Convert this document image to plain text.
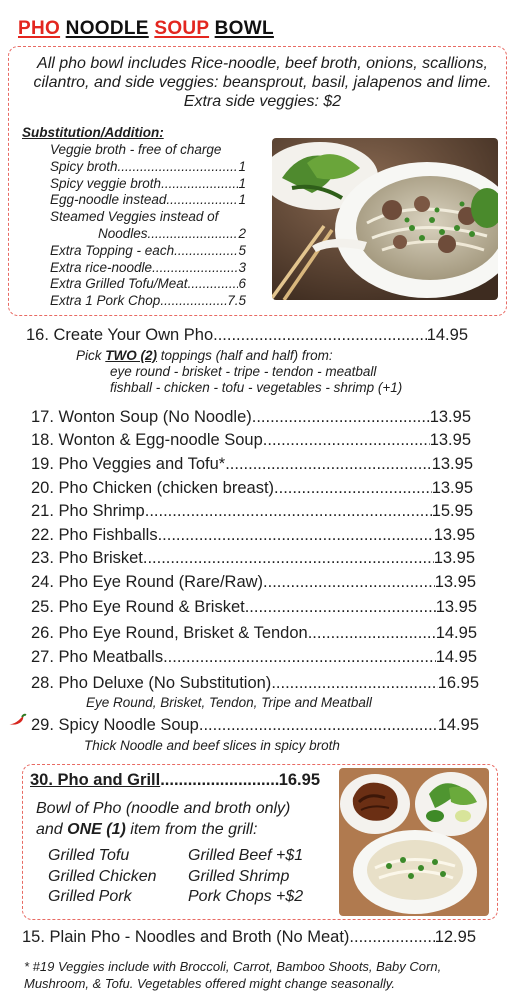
PHO NOODLE SOUP BOWL
All pho bowl includes Rice-noodle, beef broth, onions, scallions, cilantro, and side veggies: beansprout, basil, jalapenos and lime. Extra side veggies: $2
Substitution/Addition:
Veggie broth - free of charge
Spicy broth .....	1
Spicy veggie broth .....	1
Egg-noodle instead .....	1
Steamed Veggies instead of
Noodles .....	2
Extra Topping - each .....	5
Extra rice-noodle .....	3
Extra Grilled Tofu/Meat .....	6
Extra 1 Pork Chop .....	7.5
16. Create Your Own Pho .....	14.95
Pick TWO (2) toppings (half and half) from:
eye round - brisket - tripe - tendon - meatball
fishball - chicken - tofu - vegetables - shrimp (+1)
17. Wonton Soup (No Noodle) .....	13.95
18. Wonton & Egg-noodle Soup .....	13.95
19. Pho Veggies and Tofu* .....	13.95
20. Pho Chicken (chicken breast) .....	13.95
21. Pho Shrimp .....	15.95
22. Pho Fishballs .....	13.95
23. Pho Brisket .....	13.95
24. Pho Eye Round (Rare/Raw) .....	13.95
25. Pho Eye Round & Brisket .....	13.95
26. Pho Eye Round, Brisket & Tendon .....	14.95
27. Pho Meatballs .....	14.95
28. Pho Deluxe (No Substitution) .....	16.95
Eye Round, Brisket, Tendon, Tripe and Meatball
29. Spicy Noodle Soup .....	14.95
Thick Noodle and beef slices in spicy broth
30. Pho and Grill .....	16.95
Bowl of Pho (noodle and broth only)
and ONE (1) item from the grill:
Grilled Tofu	Grilled Beef +$1
Grilled Chicken	Grilled Shrimp
Grilled Pork	Pork Chops +$2
15. Plain Pho - Noodles and Broth (No Meat) .....	12.95
* #19 Veggies include with Broccoli, Carrot, Bamboo Shoots, Baby Corn, Mushroom, & Tofu. Vegetables offered might change seasonally.
